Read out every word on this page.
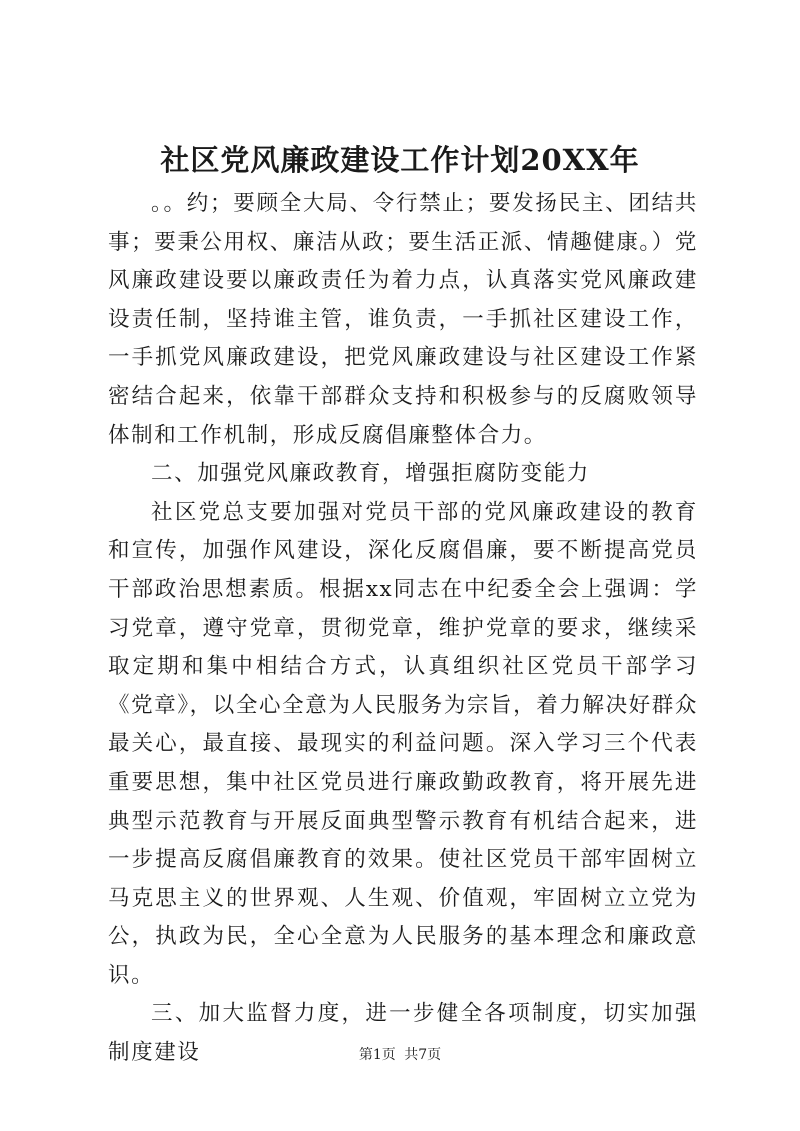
社区党风廉政建设工作计划20XX年

。。约；要顾全大局、令行禁止；要发扬民主、团结共事；要秉公用权、廉洁从政；要生活正派、情趣健康。）党风廉政建设要以廉政责任为着力点，认真落实党风廉政建设责任制，坚持谁主管，谁负责，一手抓社区建设工作，一手抓党风廉政建设，把党风廉政建设与社区建设工作紧密结合起来，依靠干部群众支持和积极参与的反腐败领导体制和工作机制，形成反腐倡廉整体合力。

二、加强党风廉政教育，增强拒腐防变能力

社区党总支要加强对党员干部的党风廉政建设的教育和宣传，加强作风建设，深化反腐倡廉，要不断提高党员干部政治思想素质。根据xx同志在中纪委全会上强调：学习党章，遵守党章，贯彻党章，维护党章的要求，继续采取定期和集中相结合方式，认真组织社区党员干部学习《党章》，以全心全意为人民服务为宗旨，着力解决好群众最关心，最直接、最现实的利益问题。深入学习三个代表重要思想，集中社区党员进行廉政勤政教育，将开展先进典型示范教育与开展反面典型警示教育有机结合起来，进一步提高反腐倡廉教育的效果。使社区党员干部牢固树立马克思主义的世界观、人生观、价值观，牢固树立立党为公，执政为民，全心全意为人民服务的基本理念和廉政意识。

三、加大监督力度，进一步健全各项制度，切实加强制度建设	第1页 共7页
